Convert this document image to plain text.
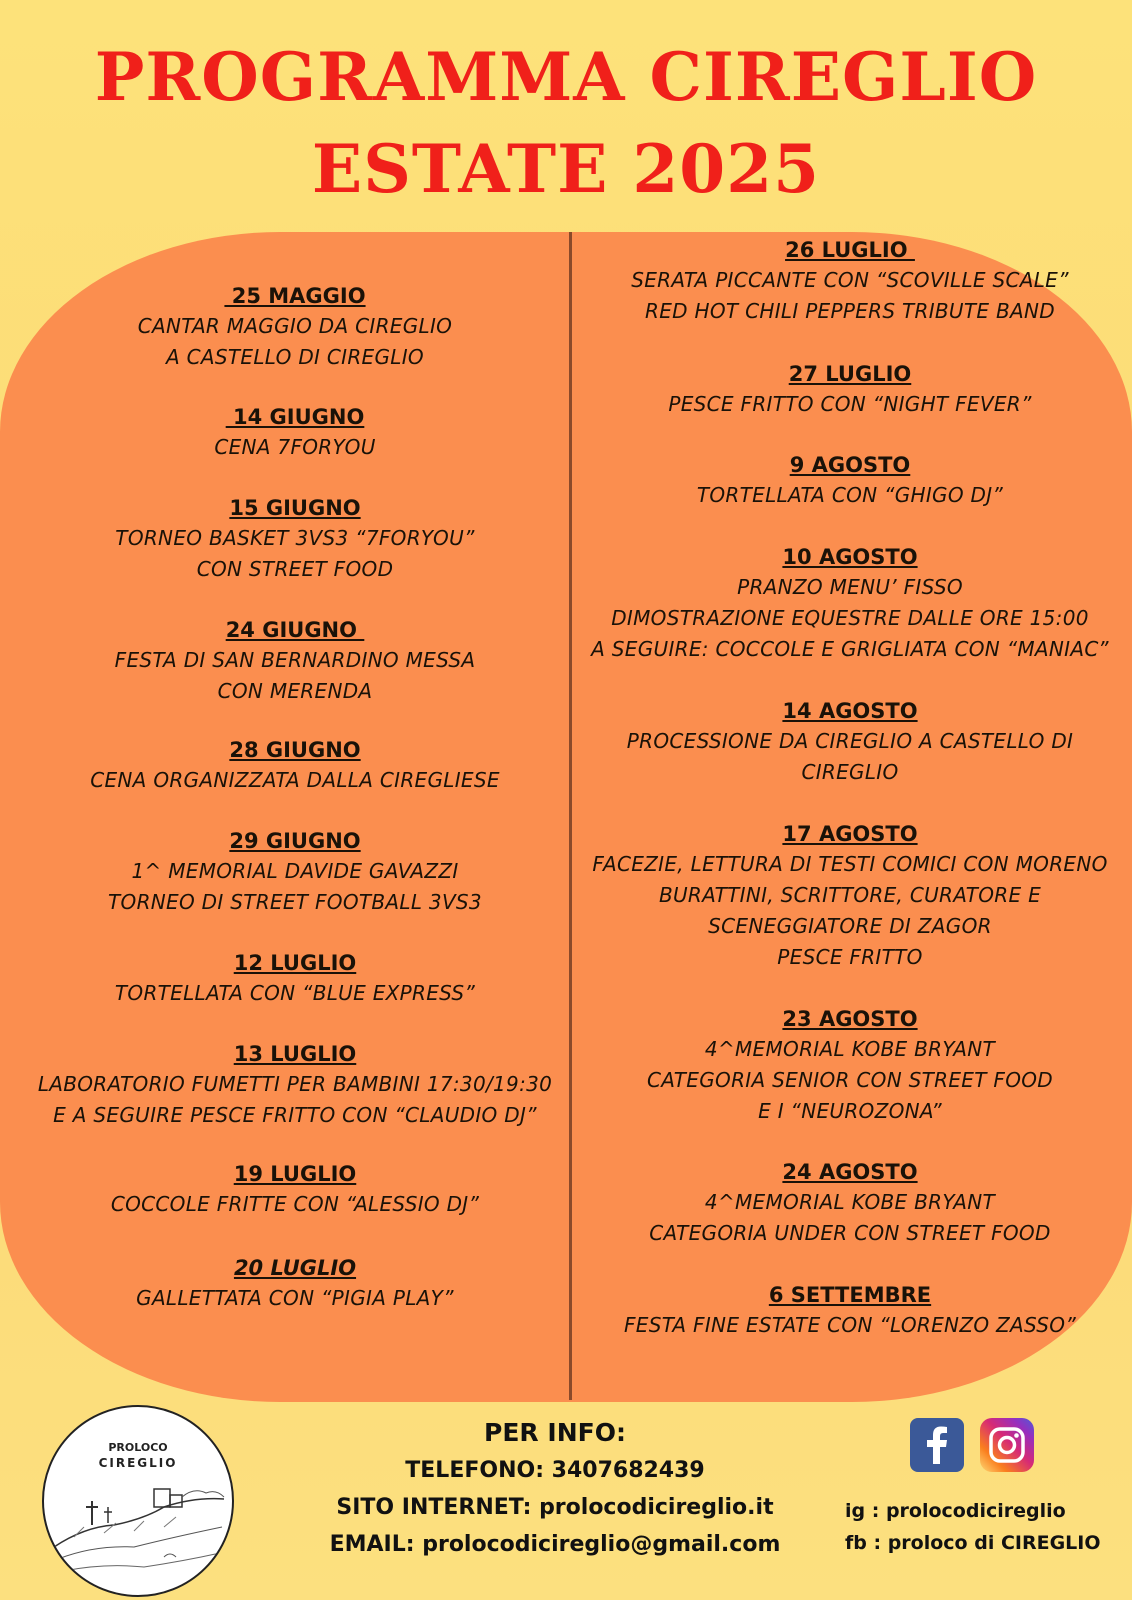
PROGRAMMA CIREGLIO
ESTATE 2025
25 MAGGIO
CANTAR MAGGIO DA CIREGLIO
A CASTELLO DI CIREGLIO
14 GIUGNO
CENA 7FORYOU
15 GIUGNO
TORNEO BASKET 3VS3 “7FORYOU”
CON STREET FOOD
24 GIUGNO
FESTA DI SAN BERNARDINO MESSA
CON MERENDA
28 GIUGNO
CENA ORGANIZZATA DALLA CIREGLIESE
29 GIUGNO
1^ MEMORIAL DAVIDE GAVAZZI
TORNEO DI STREET FOOTBALL 3VS3
12 LUGLIO
TORTELLATA CON “BLUE EXPRESS”
13 LUGLIO
LABORATORIO FUMETTI PER BAMBINI 17:30/19:30
E A SEGUIRE PESCE FRITTO CON “CLAUDIO DJ”
19 LUGLIO
COCCOLE FRITTE CON “ALESSIO DJ”
20 LUGLIO
GALLETTATA CON “PIGIA PLAY”
26 LUGLIO
SERATA PICCANTE CON “SCOVILLE SCALE”
RED HOT CHILI PEPPERS TRIBUTE BAND
27 LUGLIO
PESCE FRITTO CON “NIGHT FEVER”
9 AGOSTO
TORTELLATA CON “GHIGO DJ”
10 AGOSTO
PRANZO MENU’ FISSO
DIMOSTRAZIONE EQUESTRE DALLE ORE 15:00
A SEGUIRE: COCCOLE E GRIGLIATA CON “MANIAC”
14 AGOSTO
PROCESSIONE DA CIREGLIO A CASTELLO DI
CIREGLIO
17 AGOSTO
FACEZIE, LETTURA DI TESTI COMICI CON MORENO
BURATTINI, SCRITTORE, CURATORE E
SCENEGGIATORE DI ZAGOR
PESCE FRITTO
23 AGOSTO
4^MEMORIAL KOBE BRYANT
CATEGORIA SENIOR CON STREET FOOD
E I “NEUROZONA”
24 AGOSTO
4^MEMORIAL KOBE BRYANT
CATEGORIA UNDER CON STREET FOOD
6 SETTEMBRE
FESTA FINE ESTATE CON “LORENZO ZASSO”
PROLOCO
CIREGLIO
PER INFO:
TELEFONO: 3407682439
SITO INTERNET: prolocodicireglio.it
EMAIL: prolocodicireglio@gmail.com
ig : prolocodicireglio
fb : proloco di CIREGLIO
